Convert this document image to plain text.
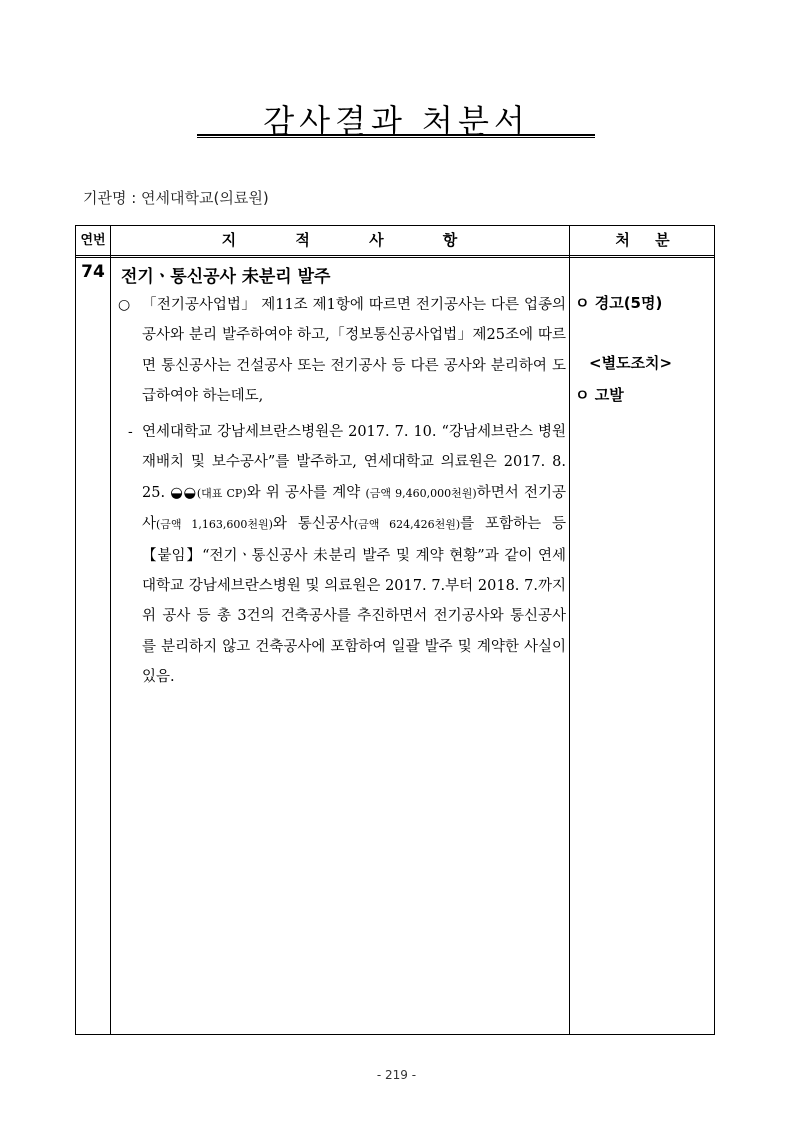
감사결과 처분서
기관명 : 연세대학교(의료원)
연번	지 적 사 항	처 분
74 전기ㆍ통신공사 未분리 발주
○ 「전기공사업법」 제11조 제1항에 따르면 전기공사는 다른 업종의 공사와 분리 발주하여야 하고,「정보통신공사업법」제25조에 따르면 통신공사는 건설공사 또는 전기공사 등 다른 공사와 분리하여 도급하여야 하는데도,

- 연세대학교 강남세브란스병원은 2017. 7. 10. “강남세브란스 병원 재배치 및 보수공사”를 발주하고, 연세대학교 의료원은 2017. 8. 25. ◒◒(대표 CP)와 위 공사를 계약 (금액 9,460,000천원)하면서 전기공사(금액 1,163,600천원)와 통신공사(금액 624,426천원)를 포함하는 등 【붙임】“전기ㆍ통신공사 未분리 발주 및 계약 현황”과 같이 연세대학교 강남세브란스병원 및 의료원은 2017. 7.부터 2018. 7.까지 위 공사 등 총 3건의 건축공사를 추진하면서 전기공사와 통신공사를 분리하지 않고 건축공사에 포함하여 일괄 발주 및 계약한 사실이 있음.

ㅇ 경고(5명)
<별도조치>
ㅇ 고발
- 219 -
